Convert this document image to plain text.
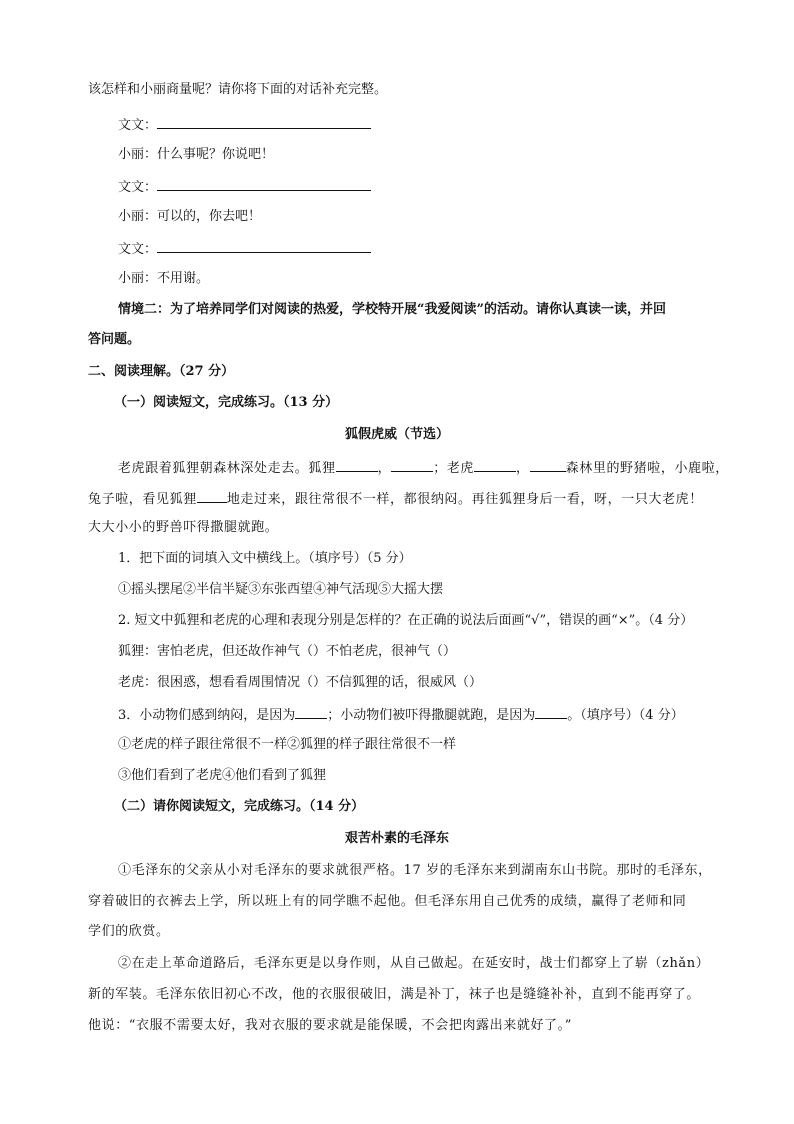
该怎样和小丽商量呢？请你将下面的对话补充完整。
文文：
小丽：什么事呢？你说吧！
文文：
小丽：可以的，你去吧！
文文：
小丽：不用谢。
情境二：为了培养同学们对阅读的热爱，学校特开展“我爱阅读”的活动。请你认真读一读，并回
答问题。
二、阅读理解。（27 分）
（一）阅读短文，完成练习。（13 分）
狐假虎威（节选）
老虎跟着狐狸朝森林深处走去。狐狸	，	；老虎	，	森林里的野猪啦，小鹿啦，
兔子啦，看见狐狸 地走过来，跟往常很不一样，都很纳闷。再往狐狸身后一看，呀，一只大老虎！
大大小小的野兽吓得撒腿就跑。
1．把下面的词填入文中横线上。（填序号）（5 分）
①摇头摆尾②半信半疑③东张西望④神气活现⑤大摇大摆
2. 短文中狐狸和老虎的心理和表现分别是怎样的？在正确的说法后面画“√”，错误的画“×”。（4 分）
狐狸：害怕老虎，但还故作神气（）不怕老虎，很神气（）
老虎：很困惑，想看看周围情况（）不信狐狸的话，很威风（）
3．小动物们感到纳闷，是因为 ；小动物们被吓得撒腿就跑，是因为 。（填序号）（4 分）
①老虎的样子跟往常很不一样②狐狸的样子跟往常很不一样
③他们看到了老虎④他们看到了狐狸
（二）请你阅读短文，完成练习。（14 分）
艰苦朴素的毛泽东
①毛泽东的父亲从小对毛泽东的要求就很严格。17 岁的毛泽东来到湖南东山书院。那时的毛泽东，
穿着破旧的衣裤去上学，所以班上有的同学瞧不起他。但毛泽东用自己优秀的成绩，赢得了老师和同
学们的欣赏。
②在走上革命道路后，毛泽东更是以身作则，从自己做起。在延安时，战士们都穿上了崭（zhǎn）
新的军装。毛泽东依旧初心不改，他的衣服很破旧，满是补丁，袜子也是缝缝补补，直到不能再穿了。
他说：“衣服不需要太好，我对衣服的要求就是能保暖，不会把肉露出来就好了。”
